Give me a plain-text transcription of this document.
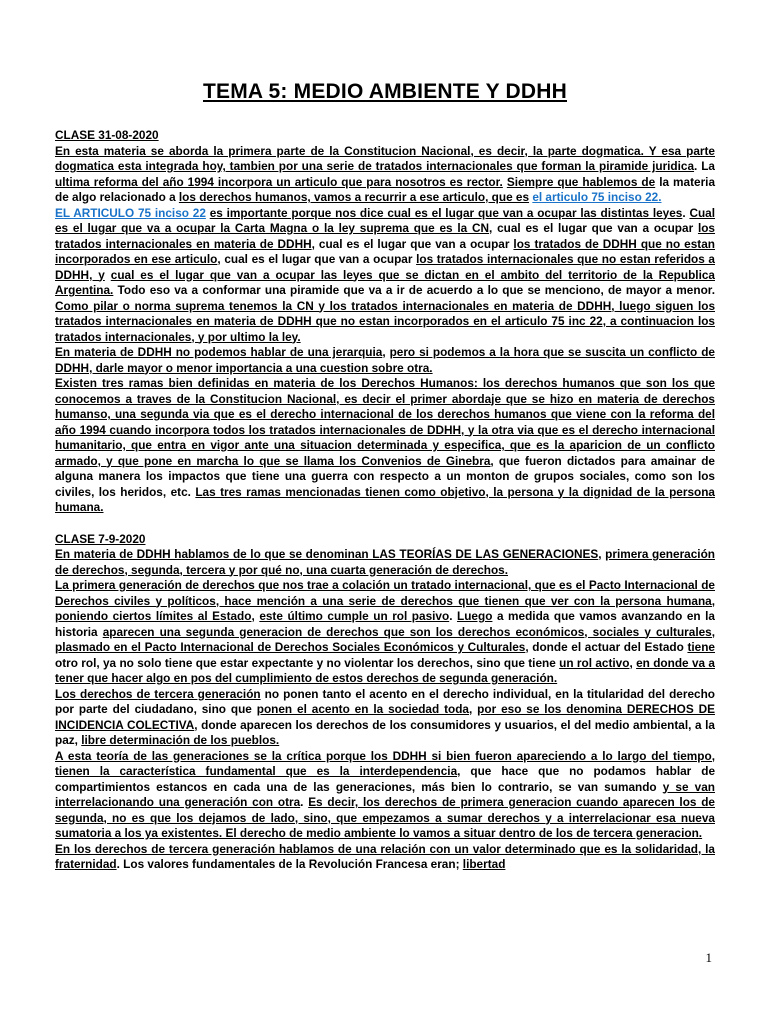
TEMA 5: MEDIO AMBIENTE Y DDHH

CLASE 31-08-2020

En esta materia se aborda la primera parte de la Constitucion Nacional, es decir, la parte dogmatica. Y esa parte dogmatica esta integrada hoy, tambien por una serie de tratados internacionales que forman la piramide juridica. La ultima reforma del año 1994 incorpora un articulo que para nosotros es rector. Siempre que hablemos de la materia de algo relacionado a los derechos humanos, vamos a recurrir a ese articulo, que es el articulo 75 inciso 22.

EL ARTICULO 75 inciso 22 es importante porque nos dice cual es el lugar que van a ocupar las distintas leyes. Cual es el lugar que va a ocupar la Carta Magna o la ley suprema que es la CN, cual es el lugar que van a ocupar los tratados internacionales en materia de DDHH, cual es el lugar que van a ocupar los tratados de DDHH que no estan incorporados en ese articulo, cual es el lugar que van a ocupar los tratados internacionales que no estan referidos a DDHH, y cual es el lugar que van a ocupar las leyes que se dictan en el ambito del territorio de la Republica Argentina. Todo eso va a conformar una piramide que va a ir de acuerdo a lo que se menciono, de mayor a menor. Como pilar o norma suprema tenemos la CN y los tratados internacionales en materia de DDHH, luego siguen los tratados internacionales en materia de DDHH que no estan incorporados en el articulo 75 inc 22, a continuacion los tratados internacionales, y por ultimo la ley.

En materia de DDHH no podemos hablar de una jerarquia, pero si podemos a la hora que se suscita un conflicto de DDHH, darle mayor o menor importancia a una cuestion sobre otra.

Existen tres ramas bien definidas en materia de los Derechos Humanos: los derechos humanos que son los que conocemos a traves de la Constitucion Nacional, es decir el primer abordaje que se hizo en materia de derechos humanso, una segunda via que es el derecho internacional de los derechos humanos que viene con la reforma del año 1994 cuando incorpora todos los tratados internacionales de DDHH, y la otra via que es el derecho internacional humanitario, que entra en vigor ante una situacion determinada y especifica, que es la aparicion de un conflicto armado, y que pone en marcha lo que se llama los Convenios de Ginebra, que fueron dictados para amainar de alguna manera los impactos que tiene una guerra con respecto a un monton de grupos sociales, como son los civiles, los heridos, etc. Las tres ramas mencionadas tienen como objetivo, la persona y la dignidad de la persona humana.

CLASE 7-9-2020

En materia de DDHH hablamos de lo que se denominan LAS TEORÍAS DE LAS GENERACIONES, primera generación de derechos, segunda, tercera y por qué no, una cuarta generación de derechos.

La primera generación de derechos que nos trae a colación un tratado internacional, que es el Pacto Internacional de Derechos civiles y políticos, hace mención a una serie de derechos que tienen que ver con la persona humana, poniendo ciertos límites al Estado, este último cumple un rol pasivo. Luego a medida que vamos avanzando en la historia aparecen una segunda generacion de derechos que son los derechos económicos, sociales y culturales, plasmado en el Pacto Internacional de Derechos Sociales Económicos y Culturales, donde el actuar del Estado tiene otro rol, ya no solo tiene que estar expectante y no violentar los derechos, sino que tiene un rol activo, en donde va a tener que hacer algo en pos del cumplimiento de estos derechos de segunda generación.

Los derechos de tercera generación no ponen tanto el acento en el derecho individual, en la titularidad del derecho por parte del ciudadano, sino que ponen el acento en la sociedad toda, por eso se los denomina DERECHOS DE INCIDENCIA COLECTIVA, donde aparecen los derechos de los consumidores y usuarios, el del medio ambiental, a la paz, libre determinación de los pueblos.

A esta teoría de las generaciones se la crítica porque los DDHH si bien fueron apareciendo a lo largo del tiempo, tienen la característica fundamental que es la interdependencia, que hace que no podamos hablar de compartimientos estancos en cada una de las generaciones, más bien lo contrario, se van sumando y se van interrelacionando una generación con otra. Es decir, los derechos de primera generacion cuando aparecen los de segunda, no es que los dejamos de lado, sino, que empezamos a sumar derechos y a interrelacionar esa nueva sumatoria a los ya existentes. El derecho de medio ambiente lo vamos a situar dentro de los de tercera generacion.

En los derechos de tercera generación hablamos de una relación con un valor determinado que es la solidaridad, la fraternidad. Los valores fundamentales de la Revolución Francesa eran; libertad

1
